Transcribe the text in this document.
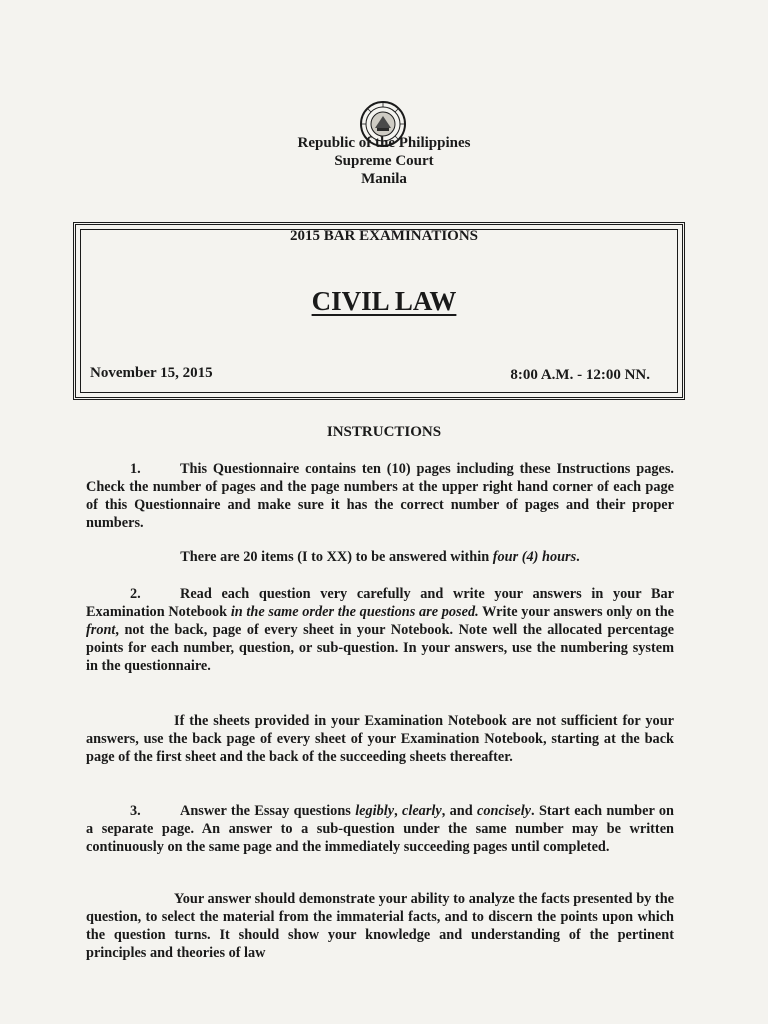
Republic of the Philippines
Supreme Court
Manila
2015 BAR EXAMINATIONS
CIVIL LAW
November 15, 2015	8:00 A.M. - 12:00 NN.
INSTRUCTIONS

1.	This Questionnaire contains ten (10) pages including these Instructions pages. Check the number of pages and the page numbers at the upper right hand corner of each page of this Questionnaire and make sure it has the correct number of pages and their proper numbers.

There are 20 items (I to XX) to be answered within four (4) hours.

2.	Read each question very carefully and write your answers in your Bar Examination Notebook in the same order the questions are posed. Write your answers only on the front, not the back, page of every sheet in your Notebook. Note well the allocated percentage points for each number, question, or sub-question. In your answers, use the numbering system in the questionnaire.

If the sheets provided in your Examination Notebook are not sufficient for your answers, use the back page of every sheet of your Examination Notebook, starting at the back page of the first sheet and the back of the succeeding sheets thereafter.

3.	Answer the Essay questions legibly, clearly, and concisely. Start each number on a separate page. An answer to a sub-question under the same number may be written continuously on the same page and the immediately succeeding pages until completed.

Your answer should demonstrate your ability to analyze the facts presented by the question, to select the material from the immaterial facts, and to discern the points upon which the question turns. It should show your knowledge and understanding of the pertinent principles and theories of law
